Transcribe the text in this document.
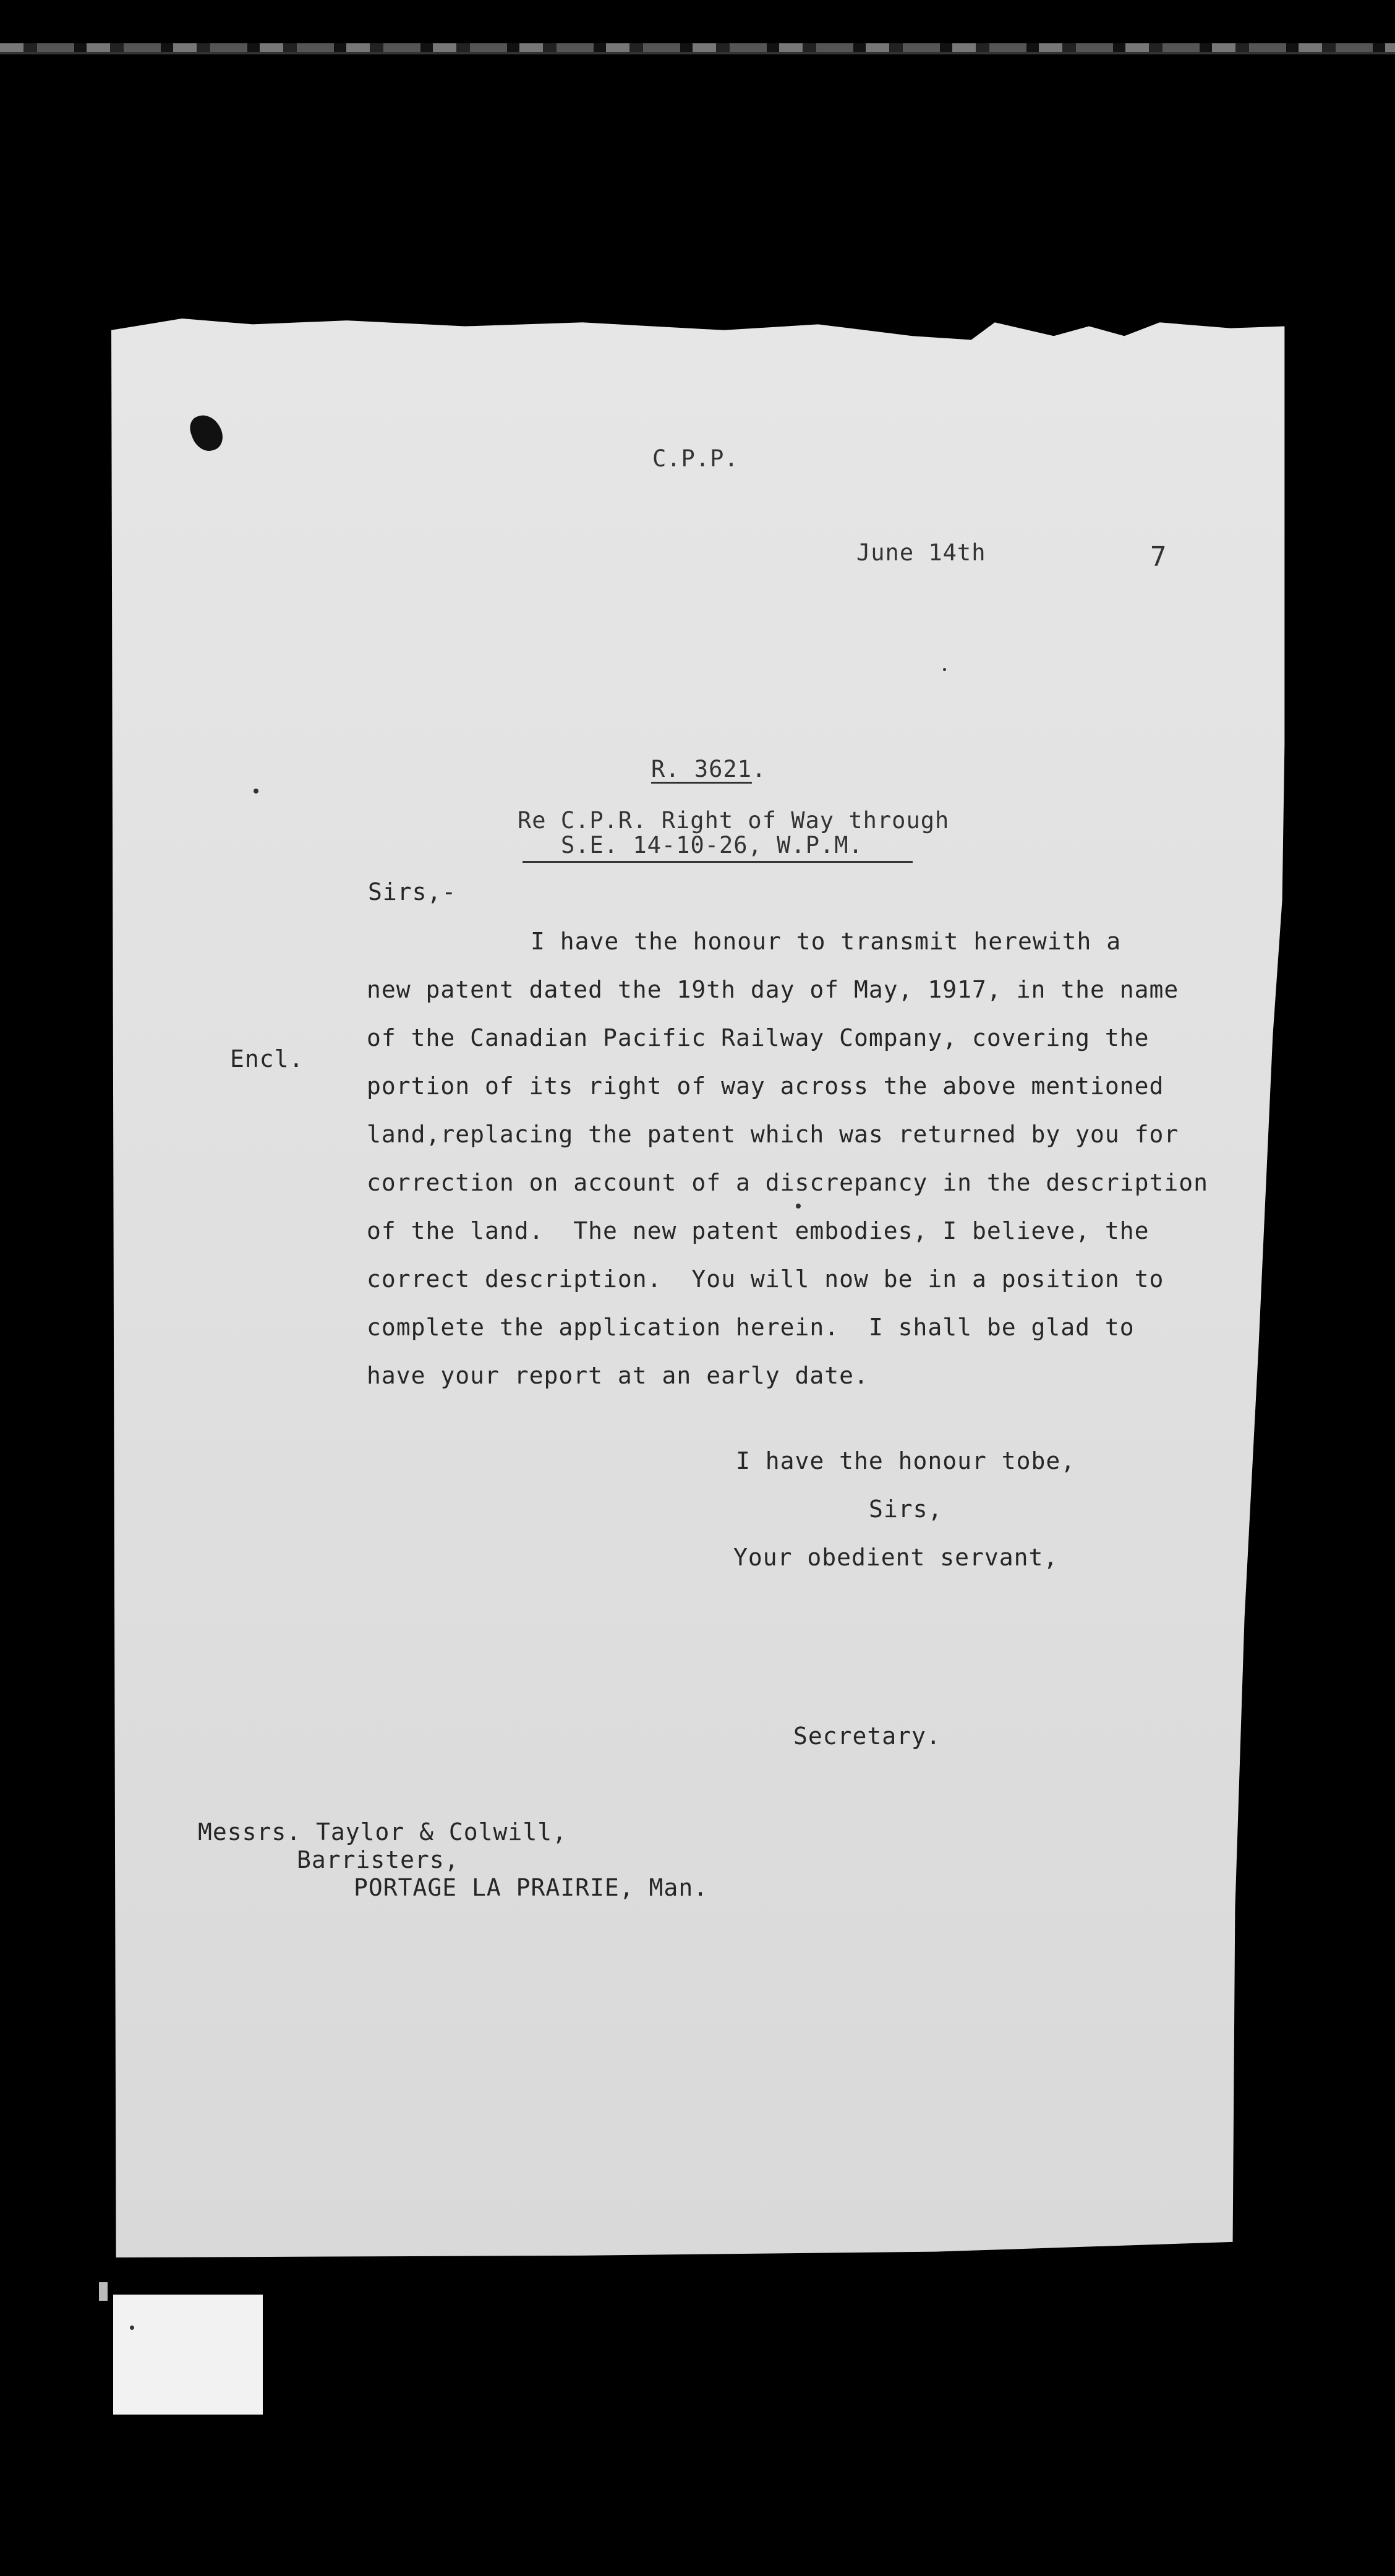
C.P.P.
June 14th	7
R. 3621.
Re C.P.R. Right of Way through
S.E. 14-10-26, W.P.M.
Sirs,-
Encl.
I have the honour to transmit herewith a
new patent dated the 19th day of May, 1917, in the name
of the Canadian Pacific Railway Company, covering the
portion of its right of way across the above mentioned
land,replacing the patent which was returned by you for
correction on account of a discrepancy in the description
of the land.  The new patent embodies, I believe, the
correct description.  You will now be in a position to
complete the application herein.  I shall be glad to
have your report at an early date.
I have the honour tobe,
Sirs,
Your obedient servant,
Secretary.
Messrs. Taylor & Colwill,
Barristers,
PORTAGE LA PRAIRIE, Man.
